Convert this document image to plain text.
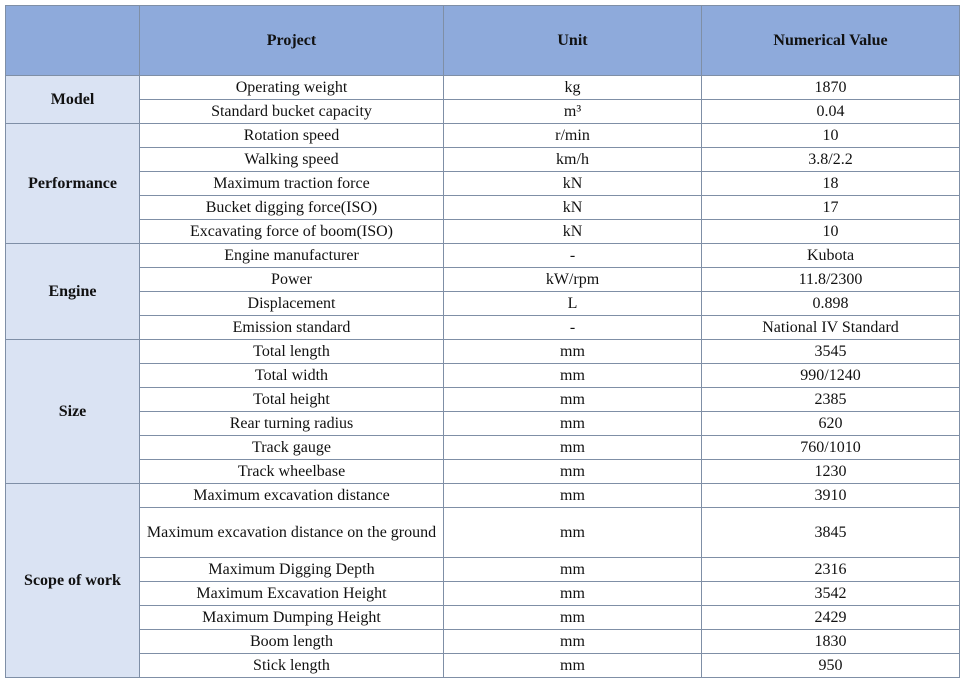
	Project	Unit	Numerical Value
Model	Operating weight	kg	1870
	Standard bucket capacity	m³	0.04
Performance	Rotation speed	r/min	10
	Walking speed	km/h	3.8/2.2
	Maximum traction force	kN	18
	Bucket digging force(ISO)	kN	17
	Excavating force of boom(ISO)	kN	10
Engine	Engine manufacturer	-	Kubota
	Power	kW/rpm	11.8/2300
	Displacement	L	0.898
	Emission standard	-	National IV Standard
Size	Total length	mm	3545
	Total width	mm	990/1240
	Total height	mm	2385
	Rear turning radius	mm	620
	Track gauge	mm	760/1010
	Track wheelbase	mm	1230
Scope of work	Maximum excavation distance	mm	3910
	Maximum excavation distance on the ground	mm	3845
	Maximum Digging Depth	mm	2316
	Maximum Excavation Height	mm	3542
	Maximum Dumping Height	mm	2429
	Boom length	mm	1830
	Stick length	mm	950
